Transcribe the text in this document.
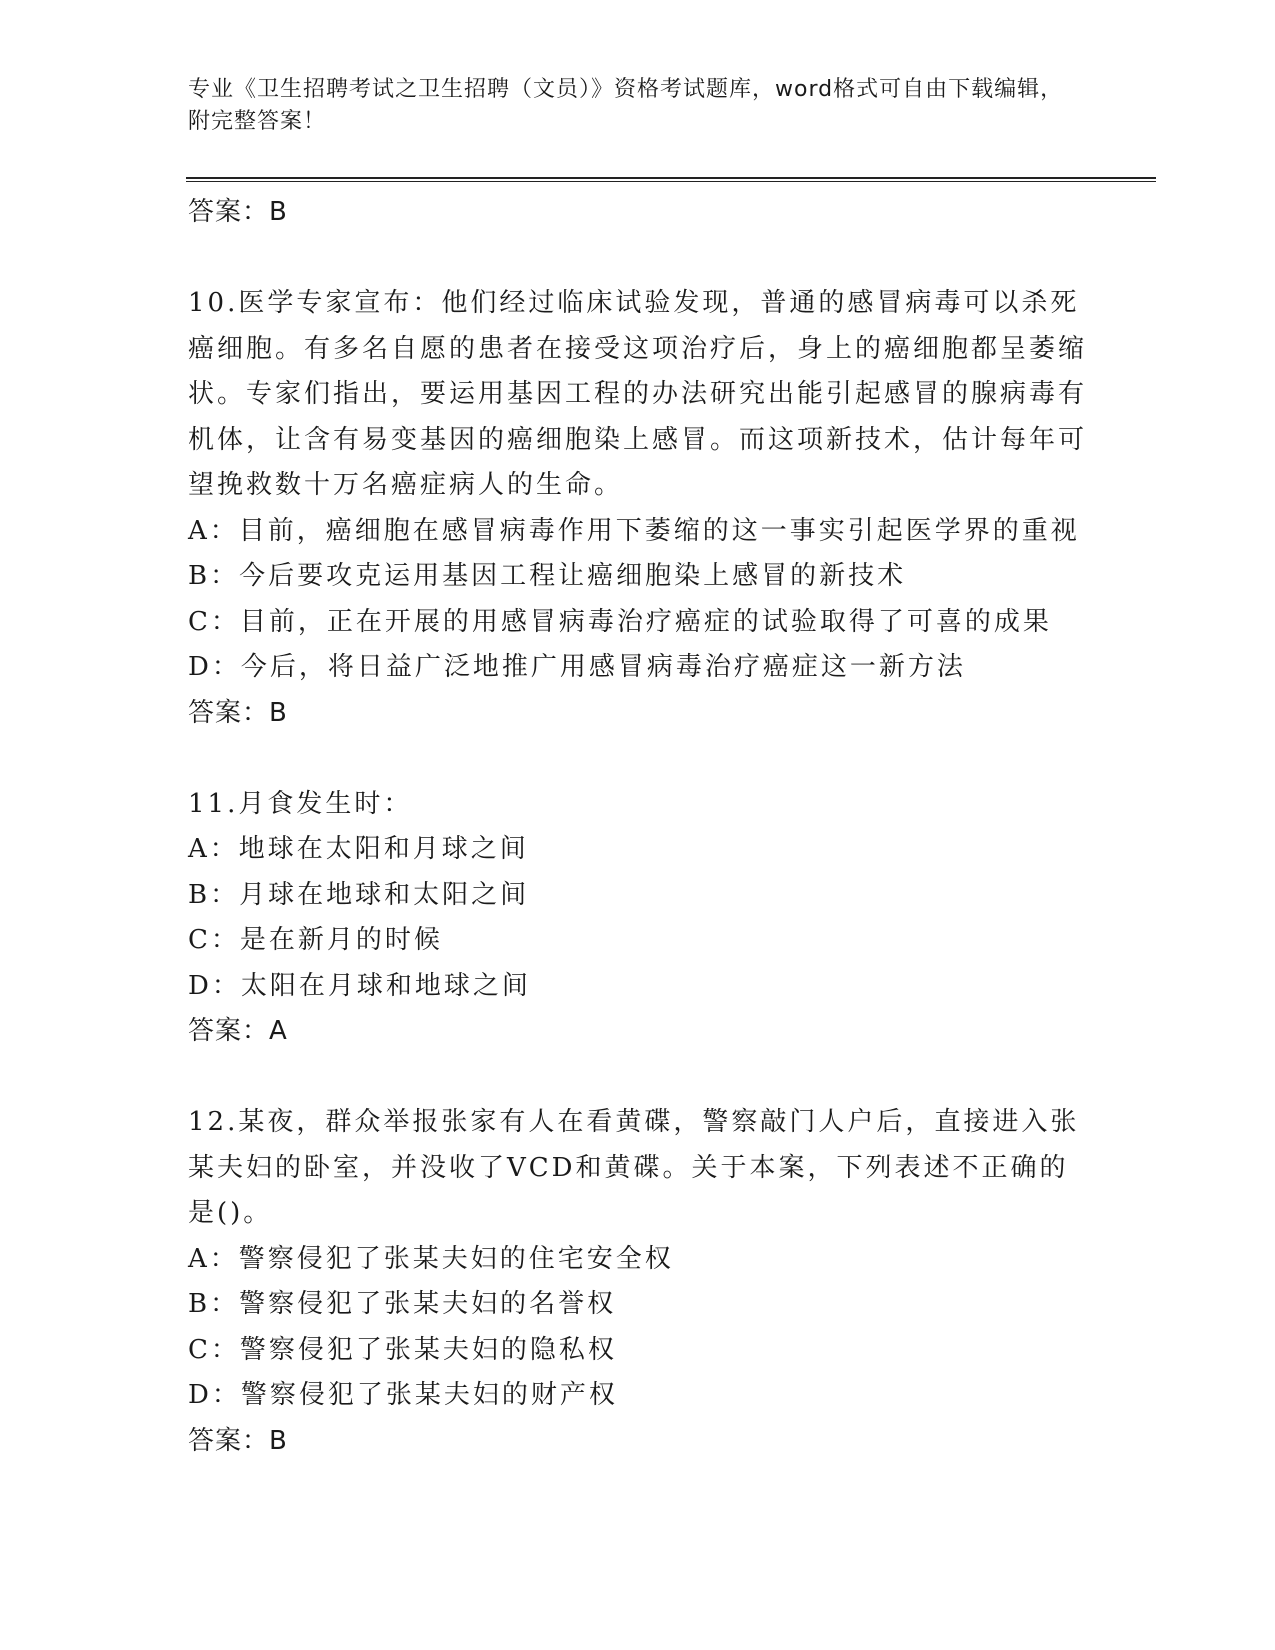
专业《卫生招聘考试之卫生招聘（文员）》资格考试题库，word格式可自由下载编辑，附完整答案！
答案：B
10.医学专家宣布：他们经过临床试验发现，普通的感冒病毒可以杀死癌细胞。有多名自愿的患者在接受这项治疗后，身上的癌细胞都呈萎缩状。专家们指出，要运用基因工程的办法研究出能引起感冒的腺病毒有机体，让含有易变基因的癌细胞染上感冒。而这项新技术，估计每年可望挽救数十万名癌症病人的生命。
A：目前，癌细胞在感冒病毒作用下萎缩的这一事实引起医学界的重视
B：今后要攻克运用基因工程让癌细胞染上感冒的新技术
C：目前，正在开展的用感冒病毒治疗癌症的试验取得了可喜的成果
D：今后，将日益广泛地推广用感冒病毒治疗癌症这一新方法
答案：B
11.月食发生时：
A：地球在太阳和月球之间
B：月球在地球和太阳之间
C：是在新月的时候
D：太阳在月球和地球之间
答案：A
12.某夜，群众举报张家有人在看黄碟，警察敲门人户后，直接进入张某夫妇的卧室，并没收了VCD和黄碟。关于本案，下列表述不正确的是()。
A：警察侵犯了张某夫妇的住宅安全权
B：警察侵犯了张某夫妇的名誉权
C：警察侵犯了张某夫妇的隐私权
D：警察侵犯了张某夫妇的财产权
答案：B
